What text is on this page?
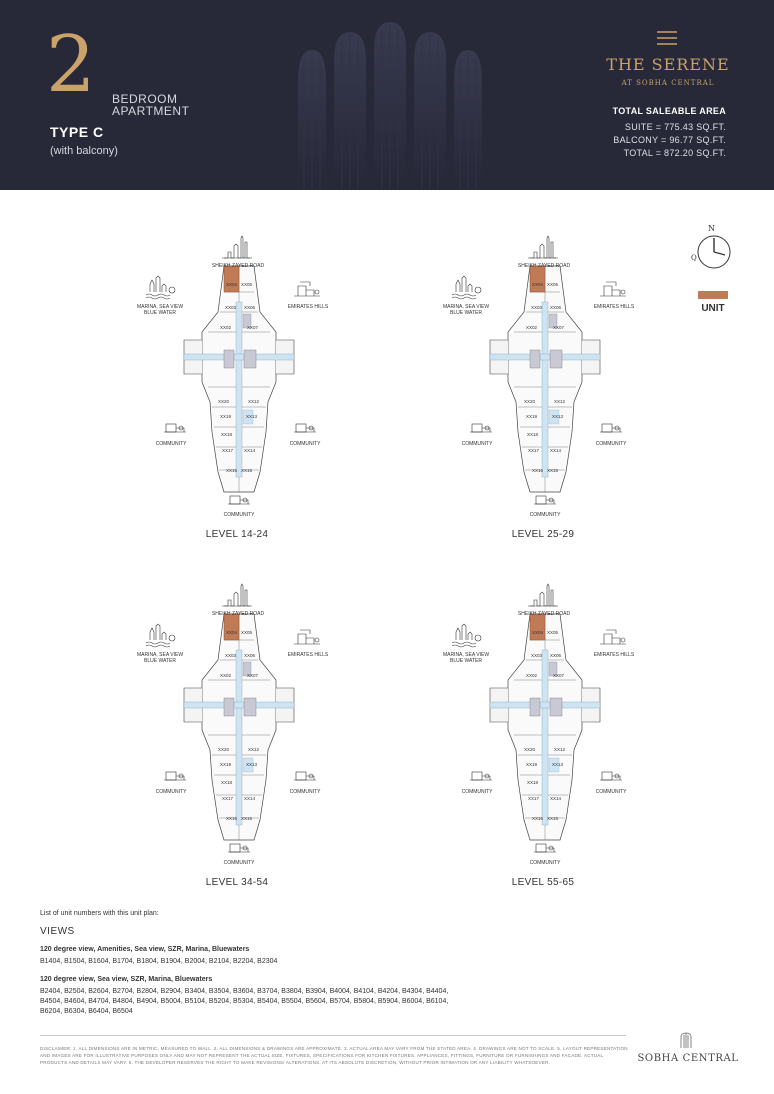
2 BEDROOM
APARTMENT
TYPE C
(with balcony)
THE SERENE
AT SOBHA CENTRAL
TOTAL SALEABLE AREA
SUITE = 775.43 SQ.FT.
BALCONY = 96.77 SQ.FT.
TOTAL = 872.20 SQ.FT.
SHEIKH ZAYED ROAD
MARINA, SEA VIEW
BLUE WATER
EMIRATES HILLS
COMMUNITY	COMMUNITY
COMMUNITY
XX04 XX05
XX03 XX06
XX02	XX07
XX20	XX12
XX19	XX13
XX18
XX17 XX14
XX16 XX15
LEVEL 14-24
SHEIKH ZAYED ROAD
MARINA, SEA VIEW
BLUE WATER
EMIRATES HILLS
COMMUNITY	COMMUNITY
COMMUNITY
XX04 XX05
XX03 XX06
XX02	XX07
XX20	XX12
XX19	XX13
XX18
XX17 XX14
XX16 XX15
LEVEL 25-29
SHEIKH ZAYED ROAD
MARINA, SEA VIEW
BLUE WATER
EMIRATES HILLS
COMMUNITY	COMMUNITY
COMMUNITY
XX04 XX05
XX03 XX06
XX02	XX07
XX20	XX12
XX19	XX13
XX18
XX17 XX14
XX16 XX15
LEVEL 34-54
SHEIKH ZAYED ROAD
MARINA, SEA VIEW
BLUE WATER
EMIRATES HILLS
COMMUNITY	COMMUNITY
COMMUNITY
XX04 XX05
XX03 XX06
XX02	XX07
XX20	XX12
XX19	XX13
XX18
XX17 XX14
XX16 XX15
LEVEL 55-65
Q
N
UNIT
List of unit numbers with this unit plan:
VIEWS
120 degree view, Amenities, Sea view, SZR, Marina, Bluewaters
B1404, B1504, B1604, B1704, B1804, B1904, B2004, B2104, B2204, B2304
120 degree view, Sea view, SZR, Marina, Bluewaters
B2404, B2504, B2604, B2704, B2804, B2904, B3404, B3504, B3604, B3704, B3804, B3904, B4004, B4104, B4204, B4304, B4404, B4504, B4604, B4704, B4804, B4904, B5004, B5104, B5204, B5304, B5404, B5504, B5604, B5704, B5804, B5904, B6004, B6104, B6204, B6304, B6404, B6504
DISCLAIMER: 1. ALL DIMENSIONS ARE IN METRIC, MEASURED TO WALL. 2. ALL DIMENSIONS & DRAWINGS ARE APPROXIMATE. 3. ACTUAL AREA MAY VARY FROM THE STATED AREA. 4. DRAWINGS ARE NOT TO SCALE. 5. LAYOUT REPRESENTATION AND IMAGES ARE FOR ILLUSTRATIVE PURPOSES ONLY AND MAY NOT REPRESENT THE ACTUAL SIZE, FIXTURES, SPECIFICATIONS FOR KITCHEN FIXTURES, APPLIANCES, FITTINGS, FURNITURE OR FURNISHINGS AND FACADE. ACTUAL PRODUCTS AND DETAILS MAY VARY. 6. THE DEVELOPER RESERVES THE RIGHT TO MAKE REVISIONS/ ALTERATIONS, AT ITS ABSOLUTE DISCRETION, WITHOUT PRIOR INTIMATION OR ANY LIABILITY WHATSOEVER.	SOBHA CENTRAL
